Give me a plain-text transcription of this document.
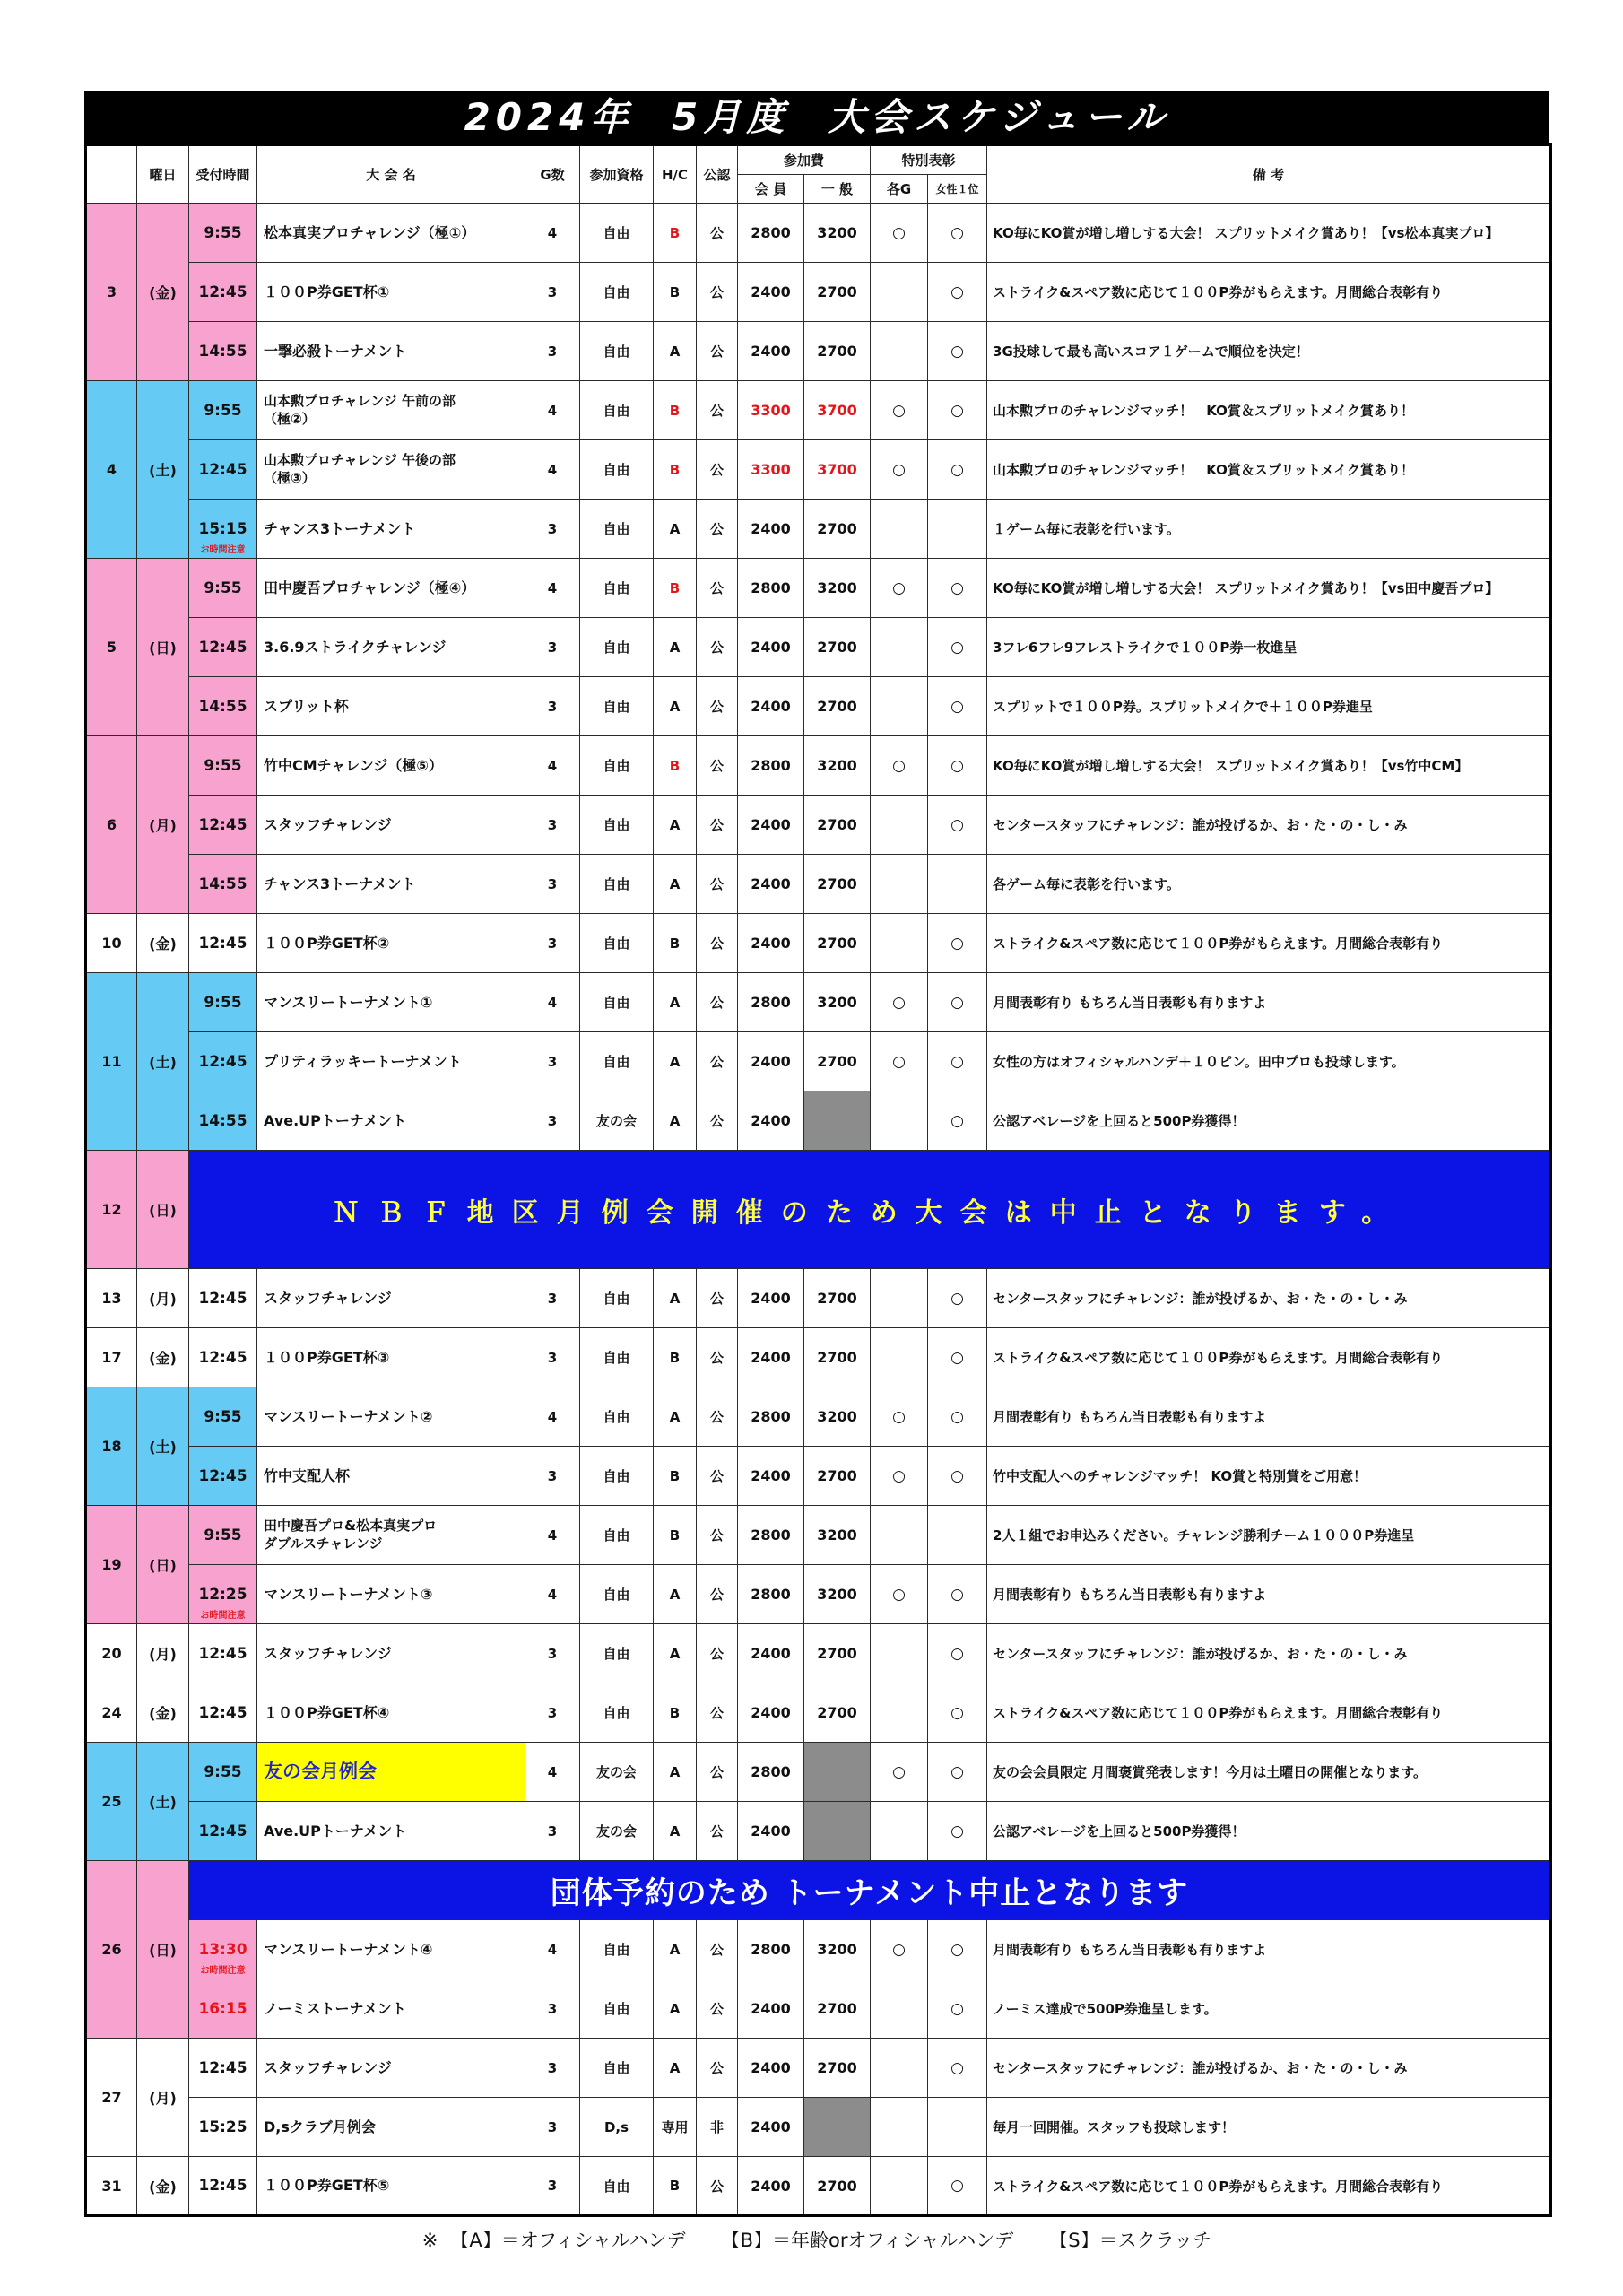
2024年 5月度 大会スケジュール
	曜日	受付時間	大 会 名	G数	参加資格	H/C	公認	参加費		特別表彰		備 考
								会 員	一 般	各G	女性１位	
3	(金)	9:55	松本真実プロチャレンジ（極①）	4	自由	B	公	2800	3200	○	○	KO毎にKO賞が増し増しする大会！ スプリットメイク賞あり！【vs松本真実プロ】
		12:45	１００P券GET杯①	3	自由	B	公	2400	2700		○	ストライク&スペア数に応じて１００P券がもらえます。月間総合表彰有り
		14:55	一撃必殺トーナメント	3	自由	A	公	2400	2700		○	3G投球して最も高いスコア１ゲームで順位を決定！
4	(土)	9:55	山本勲プロチャレンジ 午前の部
（極②）	4	自由	B	公	3300	3700	○	○	山本勲プロのチャレンジマッチ！　KO賞＆スプリットメイク賞あり！
		12:45	山本勲プロチャレンジ 午後の部
（極③）	4	自由	B	公	3300	3700	○	○	山本勲プロのチャレンジマッチ！　KO賞＆スプリットメイク賞あり！
		15:15
お時間注意	チャンス3トーナメント	3	自由	A	公	2400	2700			１ゲーム毎に表彰を行います。
5	(日)	9:55	田中慶吾プロチャレンジ（極④）	4	自由	B	公	2800	3200	○	○	KO毎にKO賞が増し増しする大会！ スプリットメイク賞あり！【vs田中慶吾プロ】
		12:45	3.6.9ストライクチャレンジ	3	自由	A	公	2400	2700		○	3フレ6フレ9フレストライクで１００P券一枚進呈
		14:55	スプリット杯	3	自由	A	公	2400	2700		○	スプリットで１００P券。スプリットメイクで＋１００P券進呈
6	(月)	9:55	竹中CMチャレンジ（極⑤）	4	自由	B	公	2800	3200	○	○	KO毎にKO賞が増し増しする大会！ スプリットメイク賞あり！【vs竹中CM】
		12:45	スタッフチャレンジ	3	自由	A	公	2400	2700		○	センタースタッフにチャレンジ：誰が投げるか、お・た・の・し・み
		14:55	チャンス3トーナメント	3	自由	A	公	2400	2700			各ゲーム毎に表彰を行います。
10	(金)	12:45	１００P券GET杯②	3	自由	B	公	2400	2700		○	ストライク&スペア数に応じて１００P券がもらえます。月間総合表彰有り
11	(土)	9:55	マンスリートーナメント①	4	自由	A	公	2800	3200	○	○	月間表彰有り もちろん当日表彰も有りますよ
		12:45	プリティラッキートーナメント	3	自由	A	公	2400	2700	○	○	女性の方はオフィシャルハンデ＋１０ピン。田中プロも投球します。
		14:55	Ave.UPトーナメント	3	友の会	A	公	2400			○	公認アベレージを上回ると500P券獲得！
12	(日)	ＮＢＦ地区月例会開催のため大会は中止となります。										
13	(月)	12:45	スタッフチャレンジ	3	自由	A	公	2400	2700		○	センタースタッフにチャレンジ：誰が投げるか、お・た・の・し・み
17	(金)	12:45	１００P券GET杯③	3	自由	B	公	2400	2700		○	ストライク&スペア数に応じて１００P券がもらえます。月間総合表彰有り
18	(土)	9:55	マンスリートーナメント②	4	自由	A	公	2800	3200	○	○	月間表彰有り もちろん当日表彰も有りますよ
		12:45	竹中支配人杯	3	自由	B	公	2400	2700	○	○	竹中支配人へのチャレンジマッチ！ KO賞と特別賞をご用意！
19	(日)	9:55	田中慶吾プロ&松本真実プロ
ダブルスチャレンジ	4	自由	B	公	2800	3200			2人１組でお申込みください。チャレンジ勝利チーム１０００P券進呈
		12:25
お時間注意	マンスリートーナメント③	4	自由	A	公	2800	3200	○	○	月間表彰有り もちろん当日表彰も有りますよ
20	(月)	12:45	スタッフチャレンジ	3	自由	A	公	2400	2700		○	センタースタッフにチャレンジ：誰が投げるか、お・た・の・し・み
24	(金)	12:45	１００P券GET杯④	3	自由	B	公	2400	2700		○	ストライク&スペア数に応じて１００P券がもらえます。月間総合表彰有り
25	(土)	9:55	友の会月例会	4	友の会	A	公	2800		○	○	友の会会員限定 月間褒賞発表します！今月は土曜日の開催となります。
		12:45	Ave.UPトーナメント	3	友の会	A	公	2400			○	公認アベレージを上回ると500P券獲得！
26	(日)	団体予約のため トーナメント中止となります										
		13:30
お時間注意	マンスリートーナメント④	4	自由	A	公	2800	3200	○	○	月間表彰有り もちろん当日表彰も有りますよ
		16:15	ノーミストーナメント	3	自由	A	公	2400	2700		○	ノーミス達成で500P券進呈します。
27	(月)	12:45	スタッフチャレンジ	3	自由	A	公	2400	2700		○	センタースタッフにチャレンジ：誰が投げるか、お・た・の・し・み
		15:25	D,sクラブ月例会	3	D,s	専用	非	2400				毎月一回開催。スタッフも投球します！
31	(金)	12:45	１００P券GET杯⑤	3	自由	B	公	2400	2700		○	ストライク&スペア数に応じて１００P券がもらえます。月間総合表彰有り
※ 【A】＝オフィシャルハンデ 【B】＝年齢orオフィシャルハンデ 【S】＝スクラッチ
